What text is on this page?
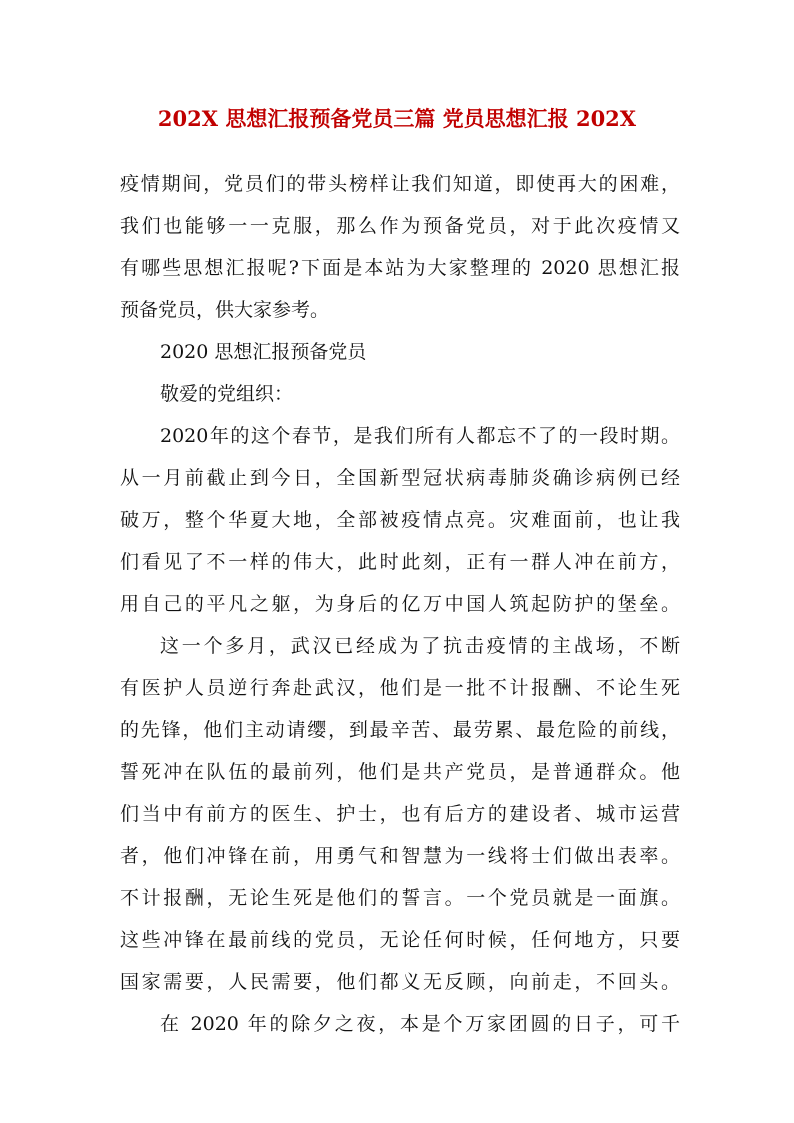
202X 思想汇报预备党员三篇 党员思想汇报 202X
疫情期间，党员们的带头榜样让我们知道，即使再大的困难，
我们也能够一一克服，那么作为预备党员，对于此次疫情又
有哪些思想汇报呢?下面是本站为大家整理的 2020 思想汇报
预备党员，供大家参考。
2020 思想汇报预备党员
敬爱的党组织：
2020年的这个春节，是我们所有人都忘不了的一段时期。
从一月前截止到今日，全国新型冠状病毒肺炎确诊病例已经
破万，整个华夏大地，全部被疫情点亮。灾难面前，也让我
们看见了不一样的伟大，此时此刻，正有一群人冲在前方，
用自己的平凡之躯，为身后的亿万中国人筑起防护的堡垒。
这一个多月，武汉已经成为了抗击疫情的主战场，不断
有医护人员逆行奔赴武汉，他们是一批不计报酬、不论生死
的先锋，他们主动请缨，到最辛苦、最劳累、最危险的前线，
誓死冲在队伍的最前列，他们是共产党员，是普通群众。他
们当中有前方的医生、护士，也有后方的建设者、城市运营
者，他们冲锋在前，用勇气和智慧为一线将士们做出表率。
不计报酬，无论生死是他们的誓言。一个党员就是一面旗。
这些冲锋在最前线的党员，无论任何时候，任何地方，只要
国家需要，人民需要，他们都义无反顾，向前走，不回头。
在 2020 年的除夕之夜，本是个万家团圆的日子，可千
